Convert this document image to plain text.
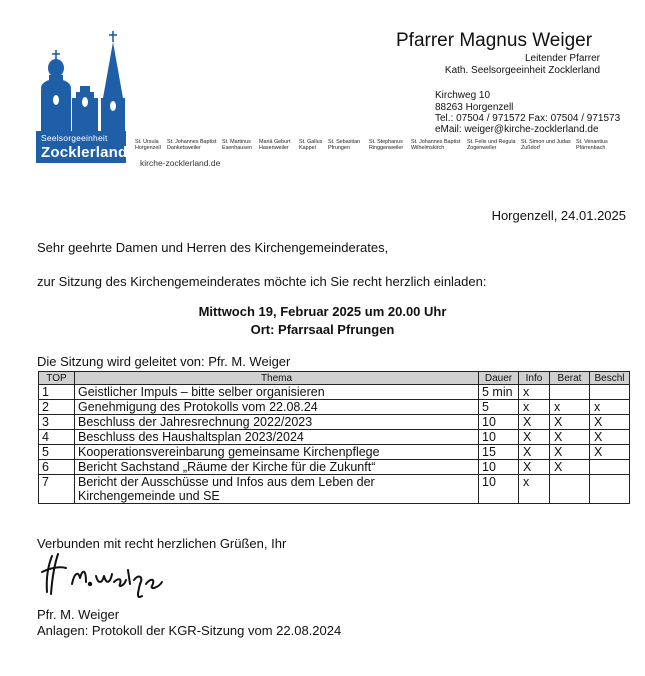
Seelsorgeeinheit
Zocklerland
Pfarrer Magnus Weiger
Leitender Pfarrer
Kath. Seelsorgeeinheit Zocklerland
Kirchweg 10
88263 Horgenzell
Tel.: 07504 / 971572 Fax: 07504 / 971573
eMail: weiger@kirche-zocklerland.de
St. Ursula
Horgenzell
St. Johannes Baptist
Danketsweiler
St. Martinus
Esenhausen
Mariä Geburt
Hasenweiler
St. Gallus
Kappel
St. Sebastian
Pfrungen
St. Stephanus
Ringgenweiler
St. Johannes Baptist
Wilhelmskirch
St. Felix und Regula
Zogenweiler
St. Simon und Judas
Zußdorf
St. Venantius
Pfärrenbach
kirche-zocklerland.de
Horgenzell, 24.01.2025
Sehr geehrte Damen und Herren des Kirchengemeinderates,
zur Sitzung des Kirchengemeinderates möchte ich Sie recht herzlich einladen:
Mittwoch 19, Februar 2025 um 20.00 Uhr
Ort: Pfarrsaal Pfrungen
Die Sitzung wird geleitet von: Pfr. M. Weiger
TOP	Thema	Dauer	Info	Berat	Beschl
1	Geistlicher Impuls – bitte selber organisieren	5 min	x		
2	Genehmigung des Protokolls vom 22.08.24	5	x	x	x
3	Beschluss der Jahresrechnung 2022/2023	10	X	X	X
4	Beschluss des Haushaltsplan 2023/2024	10	X	X	X
5	Kooperationsvereinbarung gemeinsame Kirchenpflege	15	X	X	X
6	Bericht Sachstand „Räume der Kirche für die Zukunft“	10	X	X	
7	Bericht der Ausschüsse und Infos aus dem Leben der
Kirchengemeinde und SE	10	x		
Verbunden mit recht herzlichen Grüßen, Ihr
Pfr. M. Weiger
Anlagen: Protokoll der KGR-Sitzung vom 22.08.2024
